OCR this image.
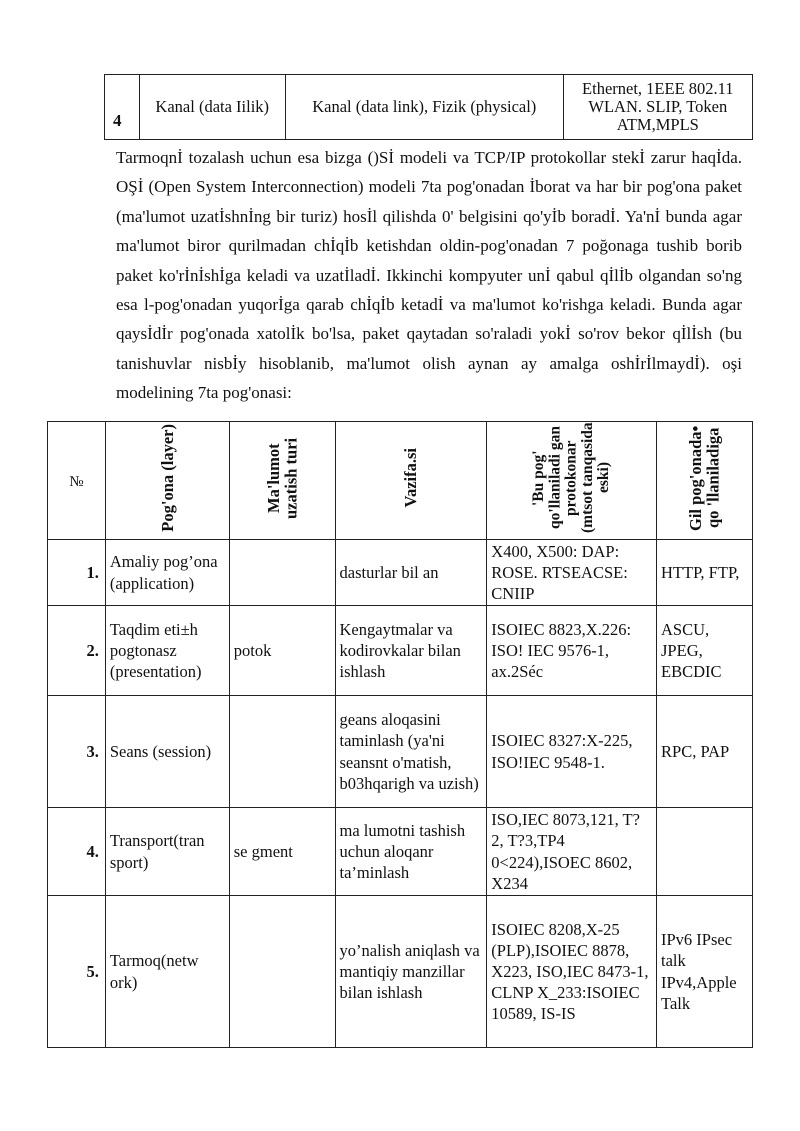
4	Kanal (data Iilik)	Kanal (data link), Fizik (physical)	Ethernet, 1EEE 802.11 WLAN. SLIP, Token ATM,MPLS
Tarmoqnİ tozalash uchun esa bizga ()Sİ modeli va TCP/IP protokollar stekİ zarur haqİda. OŞİ (Open System Interconnection) modeli 7ta pog'onadan İborat va har bir pog'ona paket (ma'lumot uzatİshnİng bir turiz) hosİl qilishda 0' belgisini qo'yİb boradİ. Ya'nİ bunda agar ma'lumot biror qurilmadan chİqİb ketishdan oldin-pog'onadan 7 poğonaga tushib borib paket ko'rİnİshİga keladi va uzatİladİ. Ikkinchi kompyuter unİ qabul qİlİb olgandan so'ng esa l-pog'onadan yuqorİga qarab chİqİb ketadİ va ma'lumot ko'rishga keladi. Bunda agar qaysİdİr pog'onada xatolİk bo'lsa, paket qaytadan so'raladi yokİ so'rov bekor qİlİsh (bu tanishuvlar nisbİy hisoblanib, ma'lumot olish aynan ay amalga oshİrİlmaydİ). oşi modelining 7ta pog'onasi:
№	Pog'ona (layer)	Ma'lumot uzatish turi	Vazifa.si	'Bu pog' qo'llaniladi gan protokonar (mtsot tanqasida eski)	Gil pog'onada• qo 'llaniladiga
1.	Amaliy pog’ona (application)		dasturlar bil an	X400, X500: DAP: ROSE. RTSEACSE: CNIIP	HTTP, FTP,
2.	Taqdim eti±h pogtonasz (presentation)	potok	Kengaytmalar va kodirovkalar bilan ishlash	ISOIEC 8823,X.226: ISO! IEC 9576-1, ax.2Séc	ASCU, JPEG, EBCDIC
3.	Seans (session)		geans aloqasini taminlash (ya'ni seansnt o'matish, b03hqarigh va uzish)	ISOIEC 8327:X-225, ISO!IEC 9548-1.	RPC, PAP
4.	Transport(tran sport)	se gment	ma lumotni tashish uchun aloqanr ta’minlash	ISO,IEC 8073,121, T?2, T?3,TP4 0<224),ISOEC 8602, X234	
5.	Tarmoq(netw ork)		yo’nalish aniqlash va mantiqiy manzillar bilan ishlash	ISOIEC 8208,X-25 (PLP),ISOIEC 8878, X223, ISO,IEC 8473-1, CLNP X_233:ISOIEC 10589, IS-IS	IPv6 IPsec talk IPv4,Apple Talk
